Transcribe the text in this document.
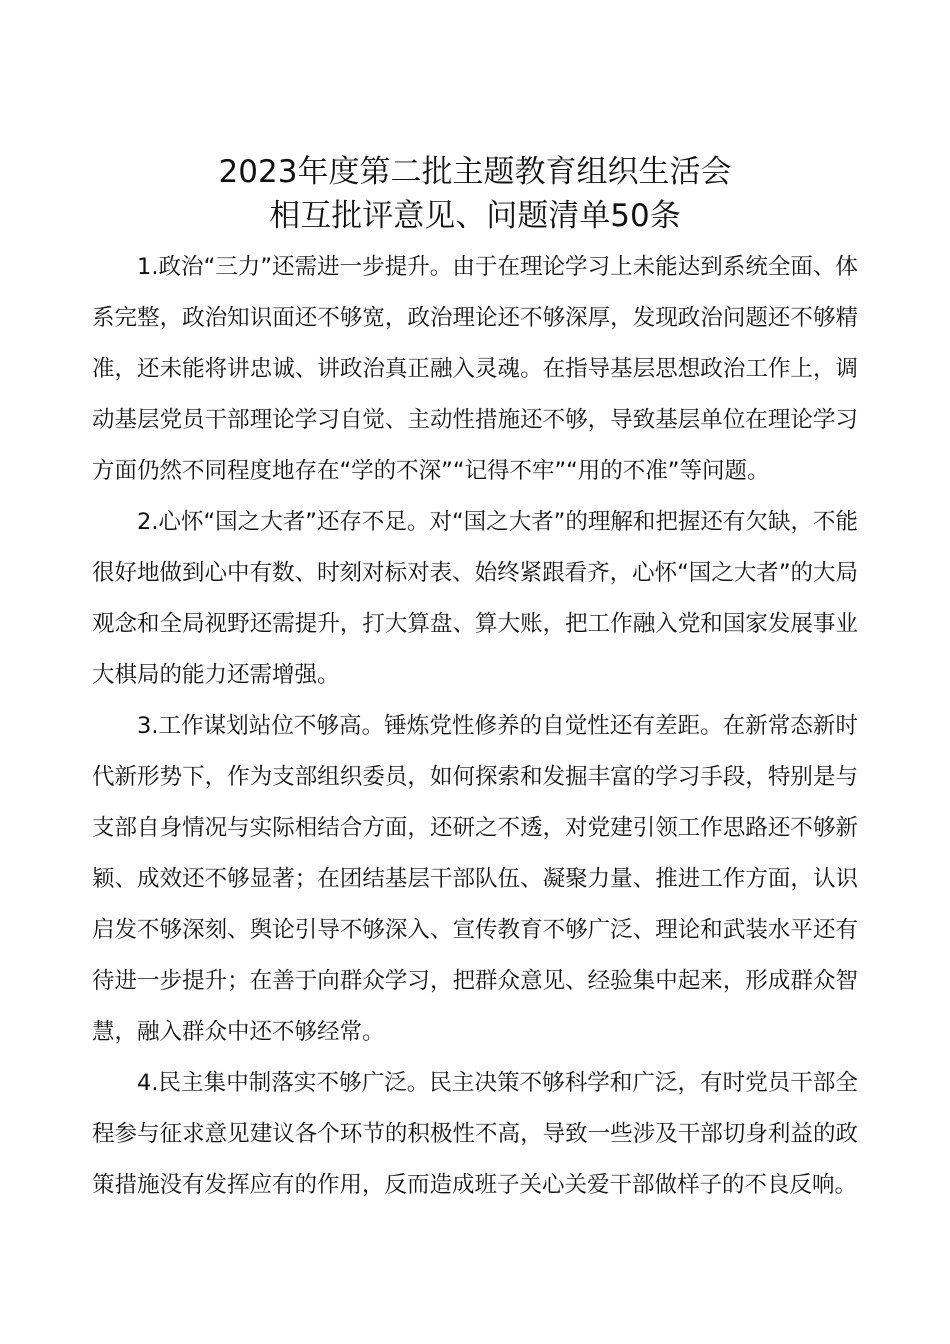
2023年度第二批主题教育组织生活会
相互批评意见、问题清单50条

1.政治“三力”还需进一步提升。由于在理论学习上未能达到系统全面、体系完整，政治知识面还不够宽，政治理论还不够深厚，发现政治问题还不够精准，还未能将讲忠诚、讲政治真正融入灵魂。在指导基层思想政治工作上，调动基层党员干部理论学习自觉、主动性措施还不够，导致基层单位在理论学习方面仍然不同程度地存在“学的不深”“记得不牢”“用的不准”等问题。

2.心怀“国之大者”还存不足。对“国之大者”的理解和把握还有欠缺，不能很好地做到心中有数、时刻对标对表、始终紧跟看齐，心怀“国之大者”的大局观念和全局视野还需提升，打大算盘、算大账，把工作融入党和国家发展事业大棋局的能力还需增强。

3.工作谋划站位不够高。锤炼党性修养的自觉性还有差距。在新常态新时代新形势下，作为支部组织委员，如何探索和发掘丰富的学习手段，特别是与支部自身情况与实际相结合方面，还研之不透，对党建引领工作思路还不够新颖、成效还不够显著；在团结基层干部队伍、凝聚力量、推进工作方面，认识启发不够深刻、舆论引导不够深入、宣传教育不够广泛、理论和武装水平还有待进一步提升；在善于向群众学习，把群众意见、经验集中起来，形成群众智慧，融入群众中还不够经常。

4.民主集中制落实不够广泛。民主决策不够科学和广泛，有时党员干部全程参与征求意见建议各个环节的积极性不高，导致一些涉及干部切身利益的政策措施没有发挥应有的作用，反而造成班子关心关爱干部做样子的不良反响。
